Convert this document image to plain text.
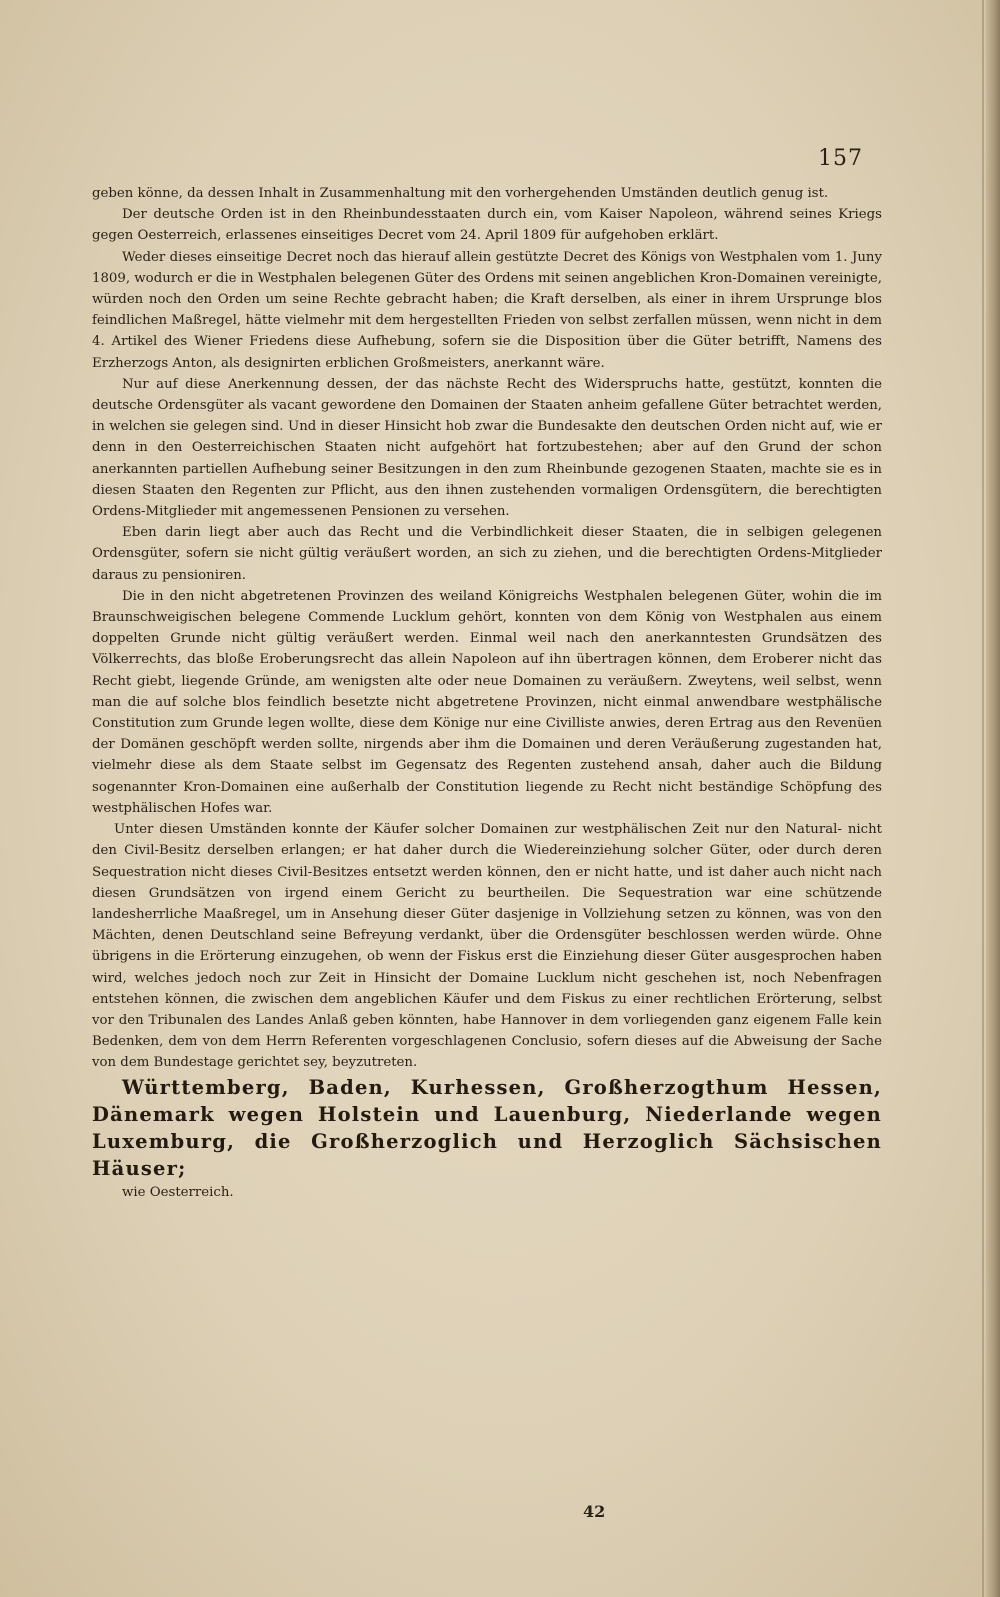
157

geben könne, da dessen Inhalt in Zusammenhaltung mit den vorhergehenden Umständen deutlich genug ist.

Der deutsche Orden ist in den Rheinbundesstaaten durch ein, vom Kaiser Napoleon, während seines Kriegs gegen Oesterreich, erlassenes einseitiges Decret vom 24. April 1809 für aufgehoben erklärt.

Weder dieses einseitige Decret noch das hierauf allein gestützte Decret des Königs von Westphalen vom 1. Juny 1809, wodurch er die in Westphalen belegenen Güter des Ordens mit seinen angeblichen Kron-Domainen vereinigte, würden noch den Orden um seine Rechte gebracht haben; die Kraft derselben, als einer in ihrem Ursprunge blos feindlichen Maßregel, hätte vielmehr mit dem hergestellten Frieden von selbst zerfallen müssen, wenn nicht in dem 4. Artikel des Wiener Friedens diese Aufhebung, sofern sie die Disposition über die Güter betrifft, Namens des Erzherzogs Anton, als designirten erblichen Großmeisters, anerkannt wäre.

Nur auf diese Anerkennung dessen, der das nächste Recht des Widerspruchs hatte, gestützt, konnten die deutsche Ordensgüter als vacant gewordene den Domainen der Staaten anheim gefallene Güter betrachtet werden, in welchen sie gelegen sind. Und in dieser Hinsicht hob zwar die Bundesakte den deutschen Orden nicht auf, wie er denn in den Oesterreichischen Staaten nicht aufgehört hat fortzubestehen; aber auf den Grund der schon anerkannten partiellen Aufhebung seiner Besitzungen in den zum Rheinbunde gezogenen Staaten, machte sie es in diesen Staaten den Regenten zur Pflicht, aus den ihnen zustehenden vormaligen Ordensgütern, die berechtigten Ordens-Mitglieder mit angemessenen Pensionen zu versehen.

Eben darin liegt aber auch das Recht und die Verbindlichkeit dieser Staaten, die in selbigen gelegenen Ordensgüter, sofern sie nicht gültig veräußert worden, an sich zu ziehen, und die berechtigten Ordens-Mitglieder daraus zu pensioniren.

Die in den nicht abgetretenen Provinzen des weiland Königreichs Westphalen belegenen Güter, wohin die im Braunschweigischen belegene Commende Lucklum gehört, konnten von dem König von Westphalen aus einem doppelten Grunde nicht gültig veräußert werden. Einmal weil nach den anerkanntesten Grundsätzen des Völkerrechts, das bloße Eroberungsrecht das allein Napoleon auf ihn übertragen können, dem Eroberer nicht das Recht giebt, liegende Gründe, am wenigsten alte oder neue Domainen zu veräußern. Zweytens, weil selbst, wenn man die auf solche blos feindlich besetzte nicht abgetretene Provinzen, nicht einmal anwendbare westphälische Constitution zum Grunde legen wollte, diese dem Könige nur eine Civilliste anwies, deren Ertrag aus den Revenüen der Domänen geschöpft werden sollte, nirgends aber ihm die Domainen und deren Veräußerung zugestanden hat, vielmehr diese als dem Staate selbst im Gegensatz des Regenten zustehend ansah, daher auch die Bildung sogenannter Kron-Domainen eine außerhalb der Constitution liegende zu Recht nicht beständige Schöpfung des westphälischen Hofes war.

Unter diesen Umständen konnte der Käufer solcher Domainen zur westphälischen Zeit nur den Natural- nicht den Civil-Besitz derselben erlangen; er hat daher durch die Wiedereinziehung solcher Güter, oder durch deren Sequestration nicht dieses Civil-Besitzes entsetzt werden können, den er nicht hatte, und ist daher auch nicht nach diesen Grundsätzen von irgend einem Gericht zu beurtheilen. Die Sequestration war eine schützende landesherrliche Maaßregel, um in Ansehung dieser Güter dasjenige in Vollziehung setzen zu können, was von den Mächten, denen Deutschland seine Befreyung verdankt, über die Ordensgüter beschlossen werden würde. Ohne übrigens in die Erörterung einzugehen, ob wenn der Fiskus erst die Einziehung dieser Güter ausgesprochen haben wird, welches jedoch noch zur Zeit in Hinsicht der Domaine Lucklum nicht geschehen ist, noch Nebenfragen entstehen können, die zwischen dem angeblichen Käufer und dem Fiskus zu einer rechtlichen Erörterung, selbst vor den Tribunalen des Landes Anlaß geben könnten, habe Hannover in dem vorliegenden ganz eigenem Falle kein Bedenken, dem von dem Herrn Referenten vorgeschlagenen Conclusio, sofern dieses auf die Abweisung der Sache von dem Bundestage gerichtet sey, beyzutreten.

Württemberg, Baden, Kurhessen, Großherzogthum Hessen, Dänemark wegen Holstein und Lauenburg, Niederlande wegen Luxemburg, die Großherzoglich und Herzoglich Sächsischen Häuser;

wie Oesterreich.

42
